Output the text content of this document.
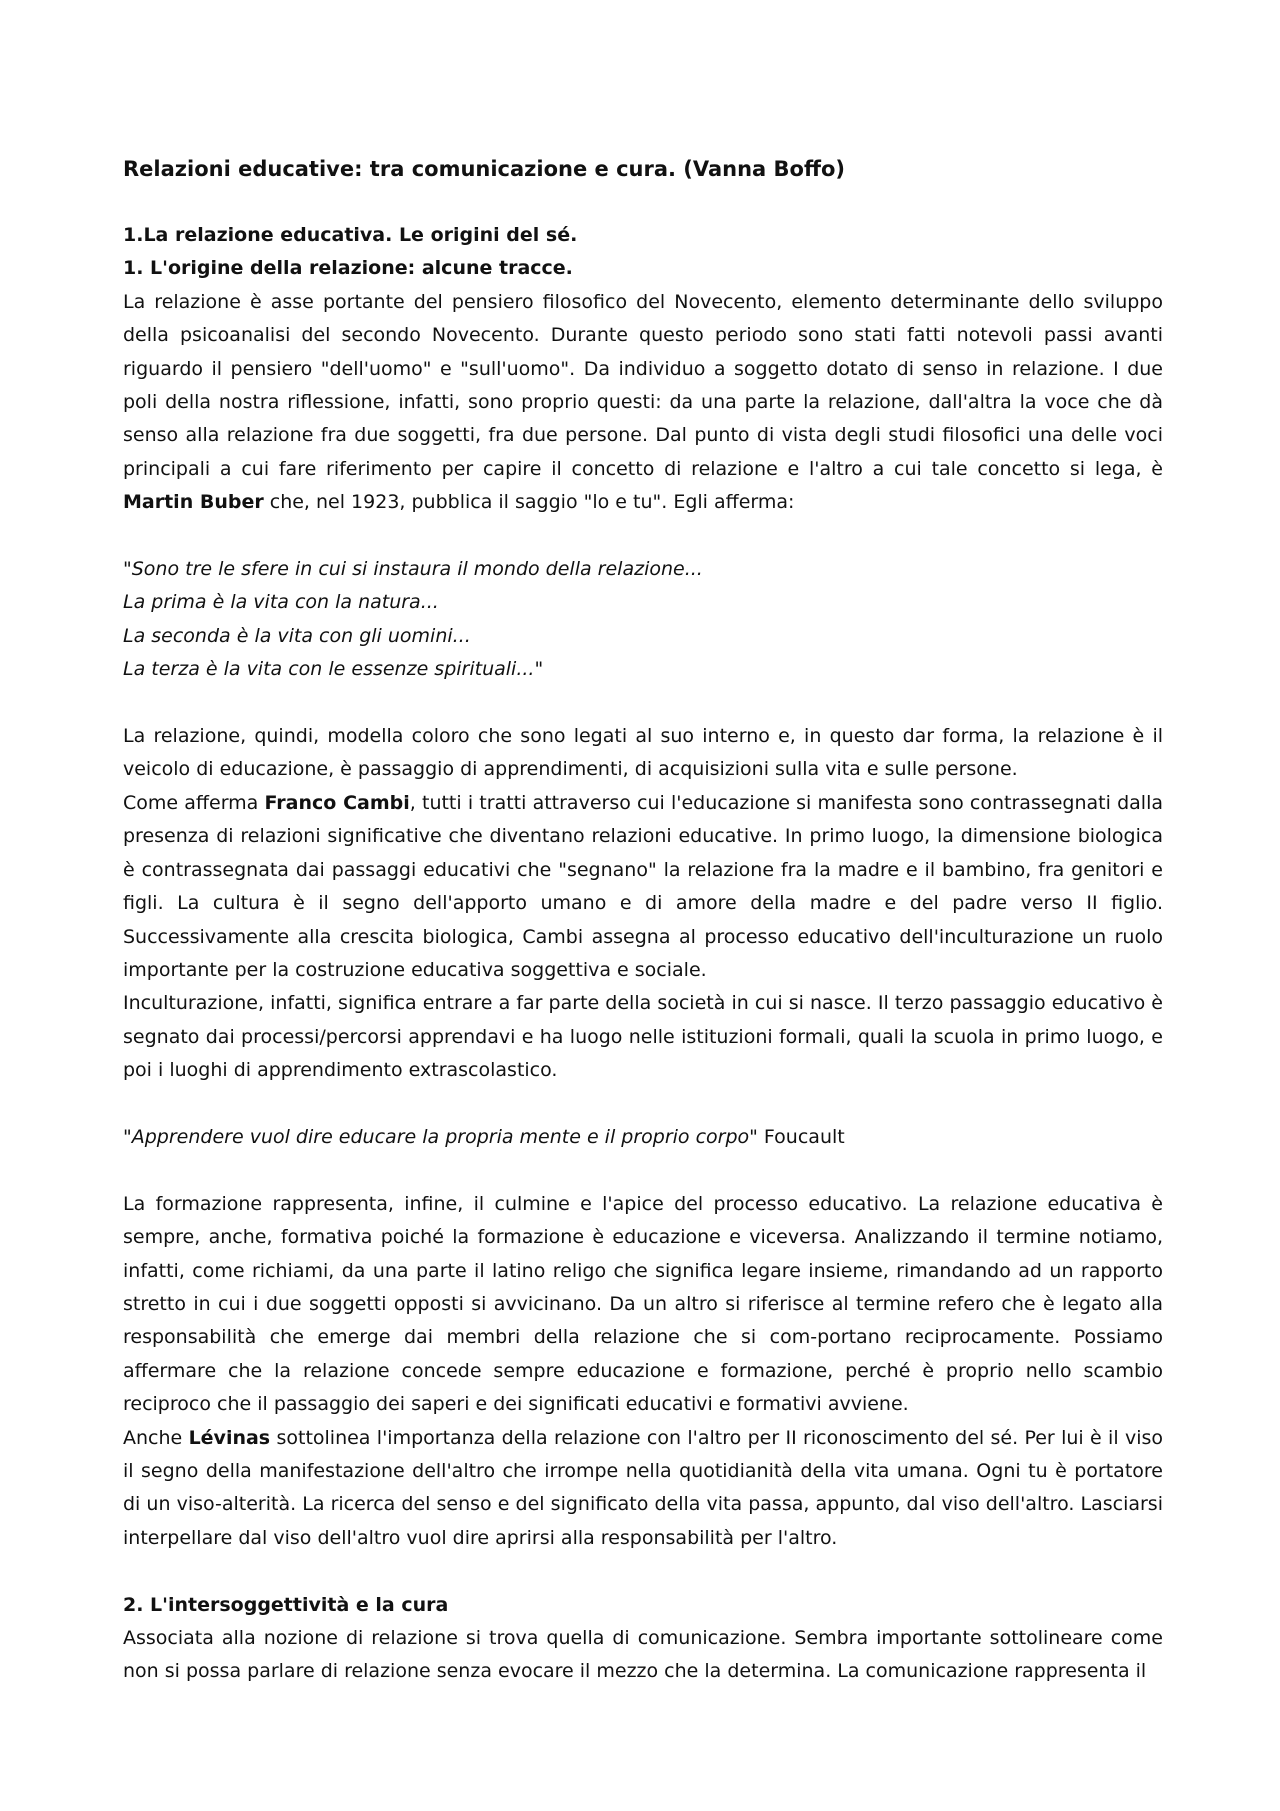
Relazioni educative: tra comunicazione e cura. (Vanna Boffo)
1.La relazione educativa. Le origini del sé.
1. L'origine della relazione: alcune tracce.

La relazione è asse portante del pensiero filosofico del Novecento, elemento determinante dello sviluppo della psicoanalisi del secondo Novecento. Durante questo periodo sono stati fatti notevoli passi avanti riguardo il pensiero "dell'uomo" e "sull'uomo". Da individuo a soggetto dotato di senso in relazione. I due poli della nostra riflessione, infatti, sono proprio questi: da una parte la relazione, dall'altra la voce che dà senso alla relazione fra due soggetti, fra due persone. Dal punto di vista degli studi filosofici una delle voci principali a cui fare riferimento per capire il concetto di relazione e l'altro a cui tale concetto si lega, è Martin Buber che, nel 1923, pubblica il saggio "lo e tu". Egli afferma:

"Sono tre le sfere in cui si instaura il mondo della relazione...
La prima è la vita con la natura...
La seconda è la vita con gli uomini...
La terza è la vita con le essenze spirituali..."

La relazione, quindi, modella coloro che sono legati al suo interno e, in questo dar forma, la relazione è il veicolo di educazione, è passaggio di apprendimenti, di acquisizioni sulla vita e sulle persone.

Come afferma Franco Cambi, tutti i tratti attraverso cui l'educazione si manifesta sono contrassegnati dalla presenza di relazioni significative che diventano relazioni educative. In primo luogo, la dimensione biologica è contrassegnata dai passaggi educativi che "segnano" la relazione fra la madre e il bambino, fra genitori e figli. La cultura è il segno dell'apporto umano e di amore della madre e del padre verso II figlio. Successivamente alla crescita biologica, Cambi assegna al processo educativo dell'inculturazione un ruolo importante per la costruzione educativa soggettiva e sociale.

Inculturazione, infatti, significa entrare a far parte della società in cui si nasce. Il terzo passaggio educativo è segnato dai processi/percorsi apprendavi e ha luogo nelle istituzioni formali, quali la scuola in primo luogo, e poi i luoghi di apprendimento extrascolastico.

"Apprendere vuol dire educare la propria mente e il proprio corpo" Foucault

La formazione rappresenta, infine, il culmine e l'apice del processo educativo. La relazione educativa è sempre, anche, formativa poiché la formazione è educazione e viceversa. Analizzando il termine notiamo, infatti, come richiami, da una parte il latino religo che significa legare insieme, rimandando ad un rapporto stretto in cui i due soggetti opposti si avvicinano. Da un altro si riferisce al termine refero che è legato alla responsabilità che emerge dai membri della relazione che si com-portano reciprocamente. Possiamo affermare che la relazione concede sempre educazione e formazione, perché è proprio nello scambio reciproco che il passaggio dei saperi e dei significati educativi e formativi avviene.

Anche Lévinas sottolinea l'importanza della relazione con l'altro per II riconoscimento del sé. Per lui è il viso il segno della manifestazione dell'altro che irrompe nella quotidianità della vita umana. Ogni tu è portatore di un viso-alterità. La ricerca del senso e del significato della vita passa, appunto, dal viso dell'altro. Lasciarsi interpellare dal viso dell'altro vuol dire aprirsi alla responsabilità per l'altro.

2. L'intersoggettività e la cura

Associata alla nozione di relazione si trova quella di comunicazione. Sembra importante sottolineare come non si possa parlare di relazione senza evocare il mezzo che la determina. La comunicazione rappresenta il
